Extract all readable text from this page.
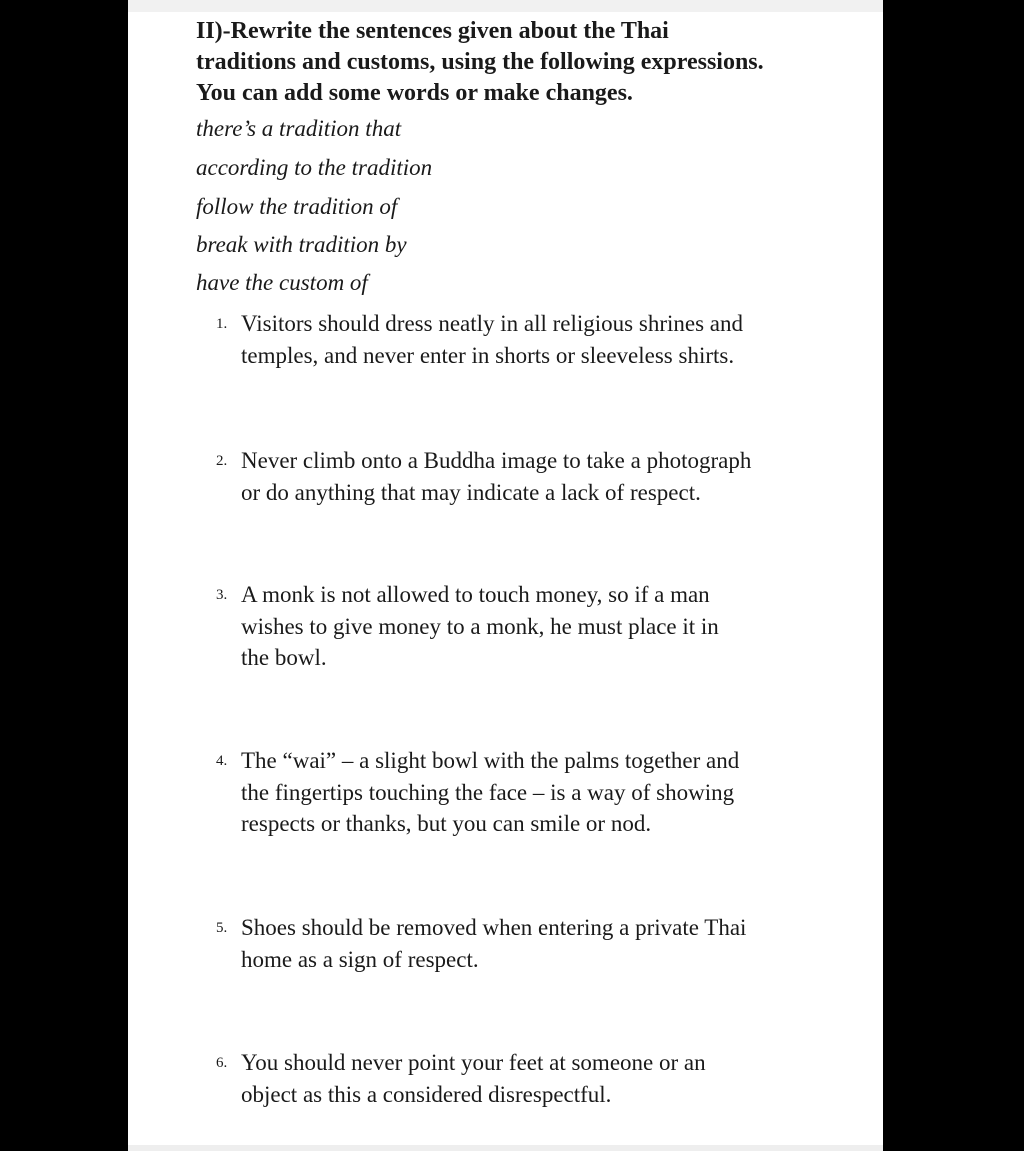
II)-Rewrite the sentences given about the Thai
traditions and customs, using the following expressions.
You can add some words or make changes.

there’s a tradition that

according to the tradition

follow the tradition of

break with tradition by

have the custom of

1. Visitors should dress neatly in all religious shrines and
temples, and never enter in shorts or sleeveless shirts.
2. Never climb onto a Buddha image to take a photograph
or do anything that may indicate a lack of respect.
3. A monk is not allowed to touch money, so if a man
wishes to give money to a monk, he must place it in
the bowl.
4. The “wai” – a slight bowl with the palms together and
the fingertips touching the face – is a way of showing
respects or thanks, but you can smile or nod.
5. Shoes should be removed when entering a private Thai
home as a sign of respect.
6. You should never point your feet at someone or an
object as this a considered disrespectful.
